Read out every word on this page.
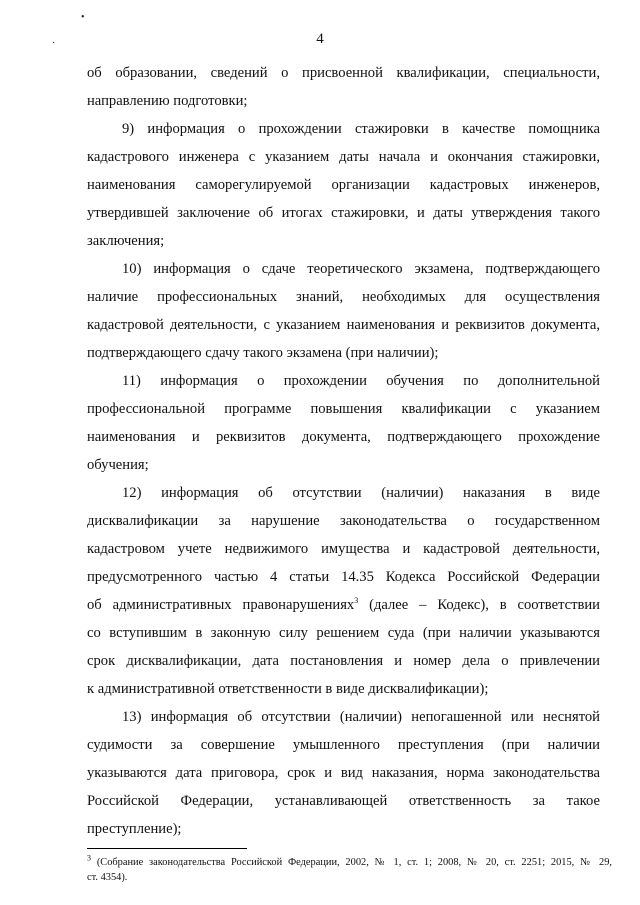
•
·	4
об образовании, сведений о присвоенной квалификации, специальности,
направлению подготовки;
9) информация о прохождении стажировки в качестве помощника
кадастрового инженера с указанием даты начала и окончания стажировки,
наименования саморегулируемой организации кадастровых инженеров,
утвердившей заключение об итогах стажировки, и даты утверждения такого
заключения;
10) информация о сдаче теоретического экзамена, подтверждающего
наличие профессиональных знаний, необходимых для осуществления
кадастровой деятельности, с указанием наименования и реквизитов документа,
подтверждающего сдачу такого экзамена (при наличии);
11) информация о прохождении обучения по дополнительной
профессиональной программе повышения квалификации с указанием
наименования и реквизитов документа, подтверждающего прохождение
обучения;
12) информация об отсутствии (наличии) наказания в виде
дисквалификации за нарушение законодательства о государственном
кадастровом учете недвижимого имущества и кадастровой деятельности,
предусмотренного частью 4 статьи 14.35 Кодекса Российской Федерации
об административных правонарушениях$^3$ (далее – Кодекс), в соответствии
со вступившим в законную силу решением суда (при наличии указываются
срок дисквалификации, дата постановления и номер дела о привлечении
к административной ответственности в виде дисквалификации);
13) информация об отсутствии (наличии) непогашенной или неснятой
судимости за совершение умышленного преступления (при наличии
указываются дата приговора, срок и вид наказания, норма законодательства
Российской Федерации, устанавливающей ответственность за такое
преступление);
$^3$ (Собрание законодательства Российской Федерации, 2002, № 1, ст. 1; 2008, № 20, ст. 2251; 2015, № 29,
ст. 4354).
